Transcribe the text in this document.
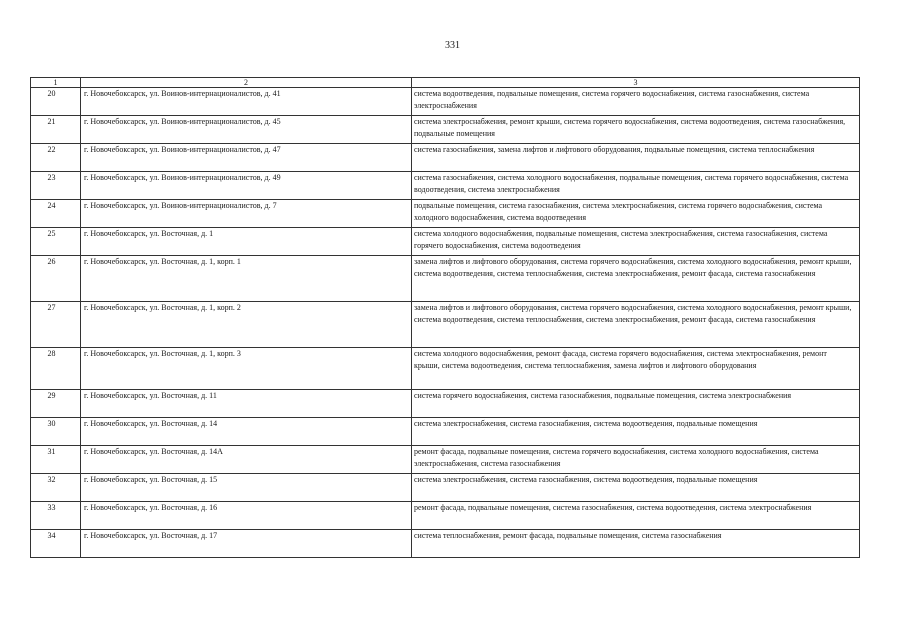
331
1	2	3
20	г. Новочебоксарск, ул. Воинов-интернационалистов, д. 41	система водоотведения, подвальные помещения, система горячего водоснабжения, система газоснабжения, система электроснабжения
21	г. Новочебоксарск, ул. Воинов-интернационалистов, д. 45	система электроснабжения, ремонт крыши, система горячего водоснабжения, система водоотведения, система газоснабжения, подвальные помещения
22	г. Новочебоксарск, ул. Воинов-интернационалистов, д. 47	система газоснабжения, замена лифтов и лифтового оборудования, подвальные помещения, система теплоснабжения
23	г. Новочебоксарск, ул. Воинов-интернационалистов, д. 49	система газоснабжения, система холодного водоснабжения, подвальные помещения, система горячего водоснабжения, система водоотведения, система электроснабжения
24	г. Новочебоксарск, ул. Воинов-интернационалистов, д. 7	подвальные помещения, система газоснабжения, система электроснабжения, система горячего водоснабжения, система холодного водоснабжения, система водоотведения
25	г. Новочебоксарск, ул. Восточная, д. 1	система холодного водоснабжения, подвальные помещения, система электроснабжения, система газоснабжения, система горячего водоснабжения, система водоотведения
26	г. Новочебоксарск, ул. Восточная, д. 1, корп. 1	замена лифтов и лифтового оборудования, система горячего водоснабжения, система холодного водоснабжения, ремонт крыши, система водоотведения, система теплоснабжения, система электроснабжения, ремонт фасада, система газоснабжения
27	г. Новочебоксарск, ул. Восточная, д. 1, корп. 2	замена лифтов и лифтового оборудования, система горячего водоснабжения, система холодного водоснабжения, ремонт крыши, система водоотведения, система теплоснабжения, система электроснабжения, ремонт фасада, система газоснабжения
28	г. Новочебоксарск, ул. Восточная, д. 1, корп. 3	система холодного водоснабжения, ремонт фасада, система горячего водоснабжения, система электроснабжения, ремонт крыши, система водоотведения, система теплоснабжения, замена лифтов и лифтового оборудования
29	г. Новочебоксарск, ул. Восточная, д. 11	система горячего водоснабжения, система газоснабжения, подвальные помещения, система электроснабжения
30	г. Новочебоксарск, ул. Восточная, д. 14	система электроснабжения, система газоснабжения, система водоотведения, подвальные помещения
31	г. Новочебоксарск, ул. Восточная, д. 14А	ремонт фасада, подвальные помещения, система горячего водоснабжения, система холодного водоснабжения, система электроснабжения, система газоснабжения
32	г. Новочебоксарск, ул. Восточная, д. 15	система электроснабжения, система газоснабжения, система водоотведения, подвальные помещения
33	г. Новочебоксарск, ул. Восточная, д. 16	ремонт фасада, подвальные помещения, система газоснабжения, система водоотведения, система электроснабжения
34	г. Новочебоксарск, ул. Восточная, д. 17	система теплоснабжения, ремонт фасада, подвальные помещения, система газоснабжения
